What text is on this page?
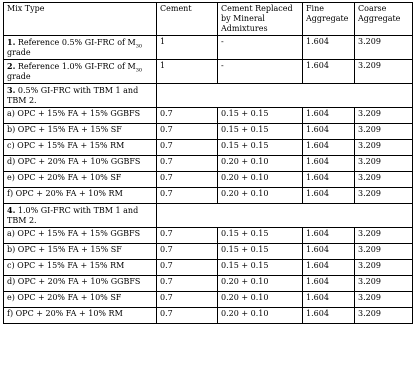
Mix Type	Cement	Cement Replaced by Mineral Admixtures	Fine Aggregate	Coarse Aggregate
1. Reference 0.5% GI-FRC of $M_{30}$ grade	1	-	1.604	3.209
2. Reference 1.0% GI-FRC of $M_{30}$ grade	1	-	1.604	3.209
3. 0.5% GI-FRC with TBM 1 and TBM 2.				
a) OPC + 15% FA + 15% GGBFS	0.7	0.15 + 0.15	1.604	3.209
b) OPC + 15% FA + 15% SF	0.7	0.15 + 0.15	1.604	3.209
c) OPC + 15% FA + 15% RM	0.7	0.15 + 0.15	1.604	3.209
d) OPC + 20% FA + 10% GGBFS	0.7	0.20 + 0.10	1.604	3.209
e) OPC + 20% FA + 10% SF	0.7	0.20 + 0.10	1.604	3.209
f) OPC + 20% FA + 10% RM	0.7	0.20 + 0.10	1.604	3.209
4. 1.0% GI-FRC with TBM 1 and TBM 2.				
a) OPC + 15% FA + 15% GGBFS	0.7	0.15 + 0.15	1.604	3.209
b) OPC + 15% FA + 15% SF	0.7	0.15 + 0.15	1.604	3.209
c) OPC + 15% FA + 15% RM	0.7	0.15 + 0.15	1.604	3.209
d) OPC + 20% FA + 10% GGBFS	0.7	0.20 + 0.10	1.604	3.209
e) OPC + 20% FA + 10% SF	0.7	0.20 + 0.10	1.604	3.209
f) OPC + 20% FA + 10% RM	0.7	0.20 + 0.10	1.604	3.209
